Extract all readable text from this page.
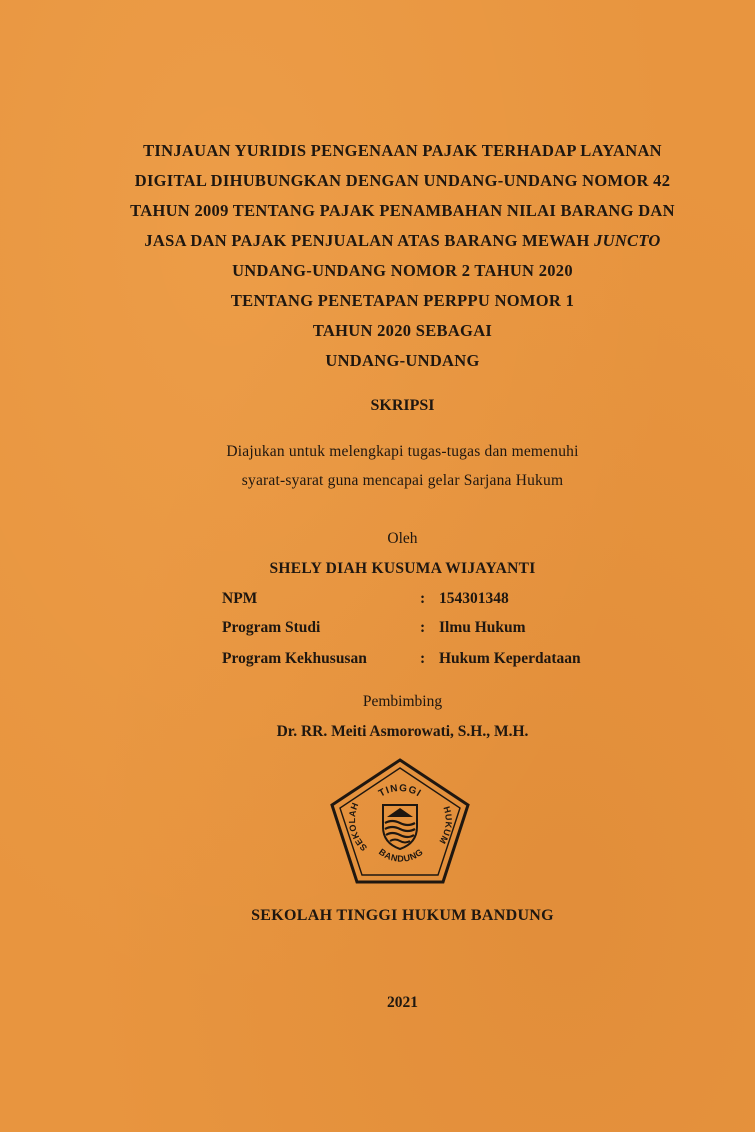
TINJAUAN YURIDIS PENGENAAN PAJAK TERHADAP LAYANAN
DIGITAL DIHUBUNGKAN DENGAN UNDANG-UNDANG NOMOR 42
TAHUN 2009 TENTANG PAJAK PENAMBAHAN NILAI BARANG DAN
JASA DAN PAJAK PENJUALAN ATAS BARANG MEWAH JUNCTO
UNDANG-UNDANG NOMOR 2 TAHUN 2020
TENTANG PENETAPAN PERPPU NOMOR 1
TAHUN 2020 SEBAGAI
UNDANG-UNDANG
SKRIPSI
Diajukan untuk melengkapi tugas-tugas dan memenuhi
syarat-syarat guna mencapai gelar Sarjana Hukum
Oleh
SHELY DIAH KUSUMA WIJAYANTI
NPM	: 154301348
Program Studi	: Ilmu Hukum
Program Kekhususan	: Hukum Keperdataan
Pembimbing
Dr. RR. Meiti Asmorowati, S.H., M.H.
TINGGI
SEKOLAH	HUKUM
BANDUNG
SEKOLAH TINGGI HUKUM BANDUNG
2021
